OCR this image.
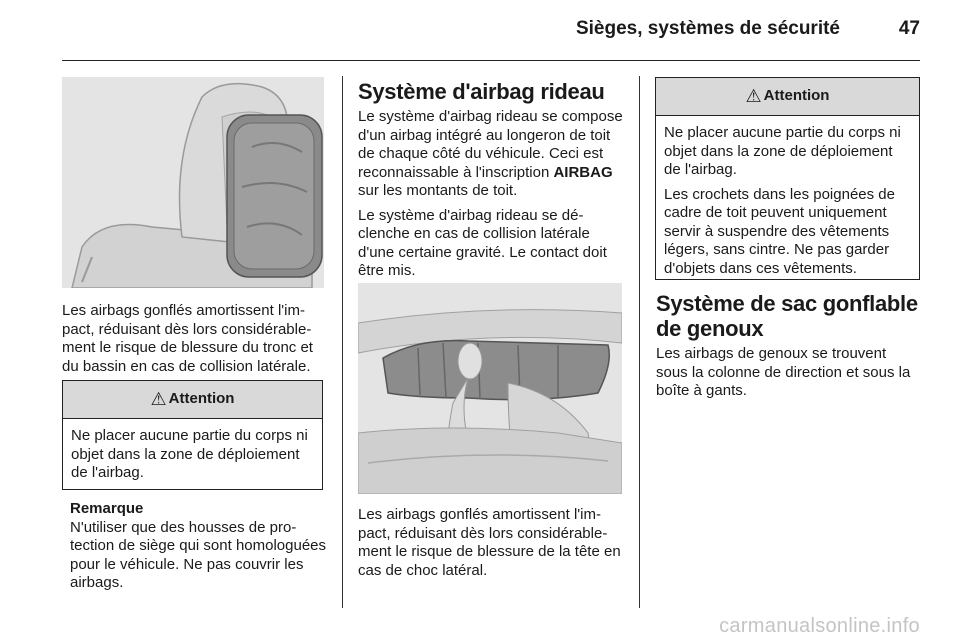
Sièges, systèmes de sécurité	47

Les airbags gonflés amortissent l'impact, réduisant dès lors considérablement le risque de blessure du tronc et du bassin en cas de collision latérale.

⚠ Attention

Ne placer aucune partie du corps ni objet dans la zone de déploiement de l'airbag.

Remarque
N'utiliser que des housses de protection de siège qui sont homologuées pour le véhicule. Ne pas couvrir les airbags.
Système d'airbag rideau

Le système d'airbag rideau se compose d'un airbag intégré au longeron de toit de chaque côté du véhicule. Ceci est reconnaissable à l'inscription AIRBAG sur les montants de toit.

Le système d'airbag rideau se déclenche en cas de collision latérale d'une certaine gravité. Le contact doit être mis.

Les airbags gonflés amortissent l'impact, réduisant dès lors considérablement le risque de blessure de la tête en cas de choc latéral.

⚠ Attention

Ne placer aucune partie du corps ni objet dans la zone de déploiement de l'airbag.

Les crochets dans les poignées de cadre de toit peuvent uniquement servir à suspendre des vêtements légers, sans cintre. Ne pas garder d'objets dans ces vêtements.

Système de sac gonflable de genoux

Les airbags de genoux se trouvent sous la colonne de direction et sous la boîte à gants.

carmanualsonline.info
